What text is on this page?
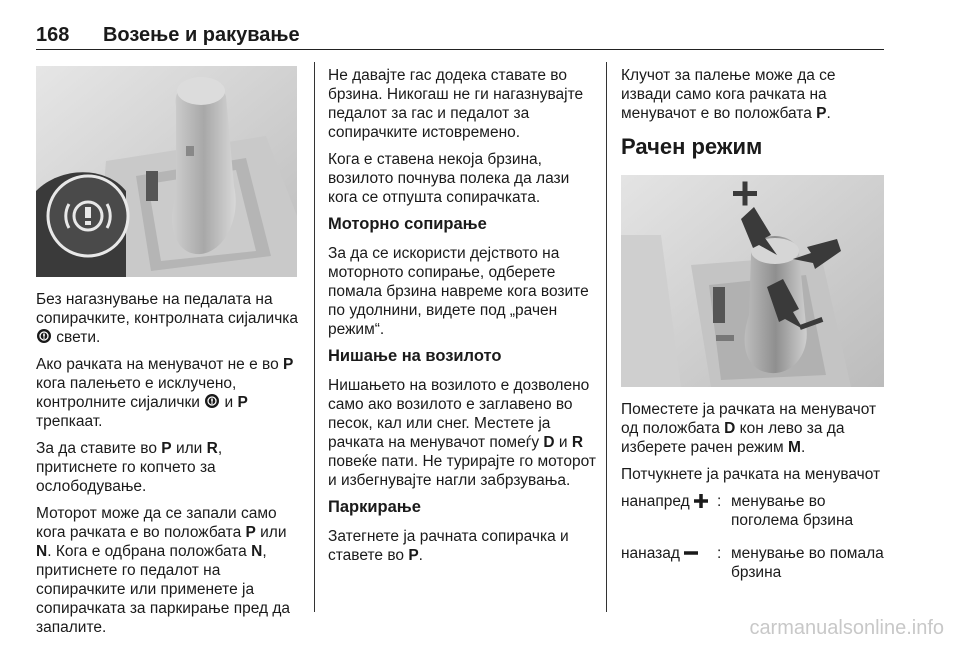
168 Возење и ракување

Без нагазнување на педалата на сопирачките, контролната сијаличка  свети.

Ако рачката на менувачот не е во P кога палењето е исклучено, контролните сијалички  и P трепкаат.

За да ставите во P или R, притиснете го копчето за ослободување.

Моторот може да се запали само кога рачката е во положбата P или N. Кога е одбрана положбата N, притиснете го педалот на сопирачките или применете ја сопирачката за паркирање пред да запалите.

Не давајте гас додека ставате во брзина. Никогаш не ги нагазнувајте педалот за гас и педалот за сопирачките истовремено.

Кога е ставена некоја брзина, возилото почнува полека да лази кога се отпушта сопирачката.

Моторно сопирање

За да се искористи дејството на моторното сопирање, одберете помала брзина навреме кога возите по удолнини, видете под „рачен режим“.

Нишање на возилото

Нишањето на возилото е дозволено само ако возилото е заглавено во песок, кал или снег. Местете ја рачката на менувачот помеѓу D и R повеќе пати. Не турирајте го моторот и избегнувајте нагли забрзувања.

Паркирање

Затегнете ја рачната сопирачка и ставете во P.

Клучот за палење може да се извади само кога рачката на менувачот е во положбата P.

Рачен режим

Поместете ја рачката на менувачот од положбата D кон лево за да изберете рачен режим M.

Потчукнете ја рачката на менувачот

нанапред	: менување во поголема брзина
наназад	: менување во помала брзина
carmanualsonline.info
